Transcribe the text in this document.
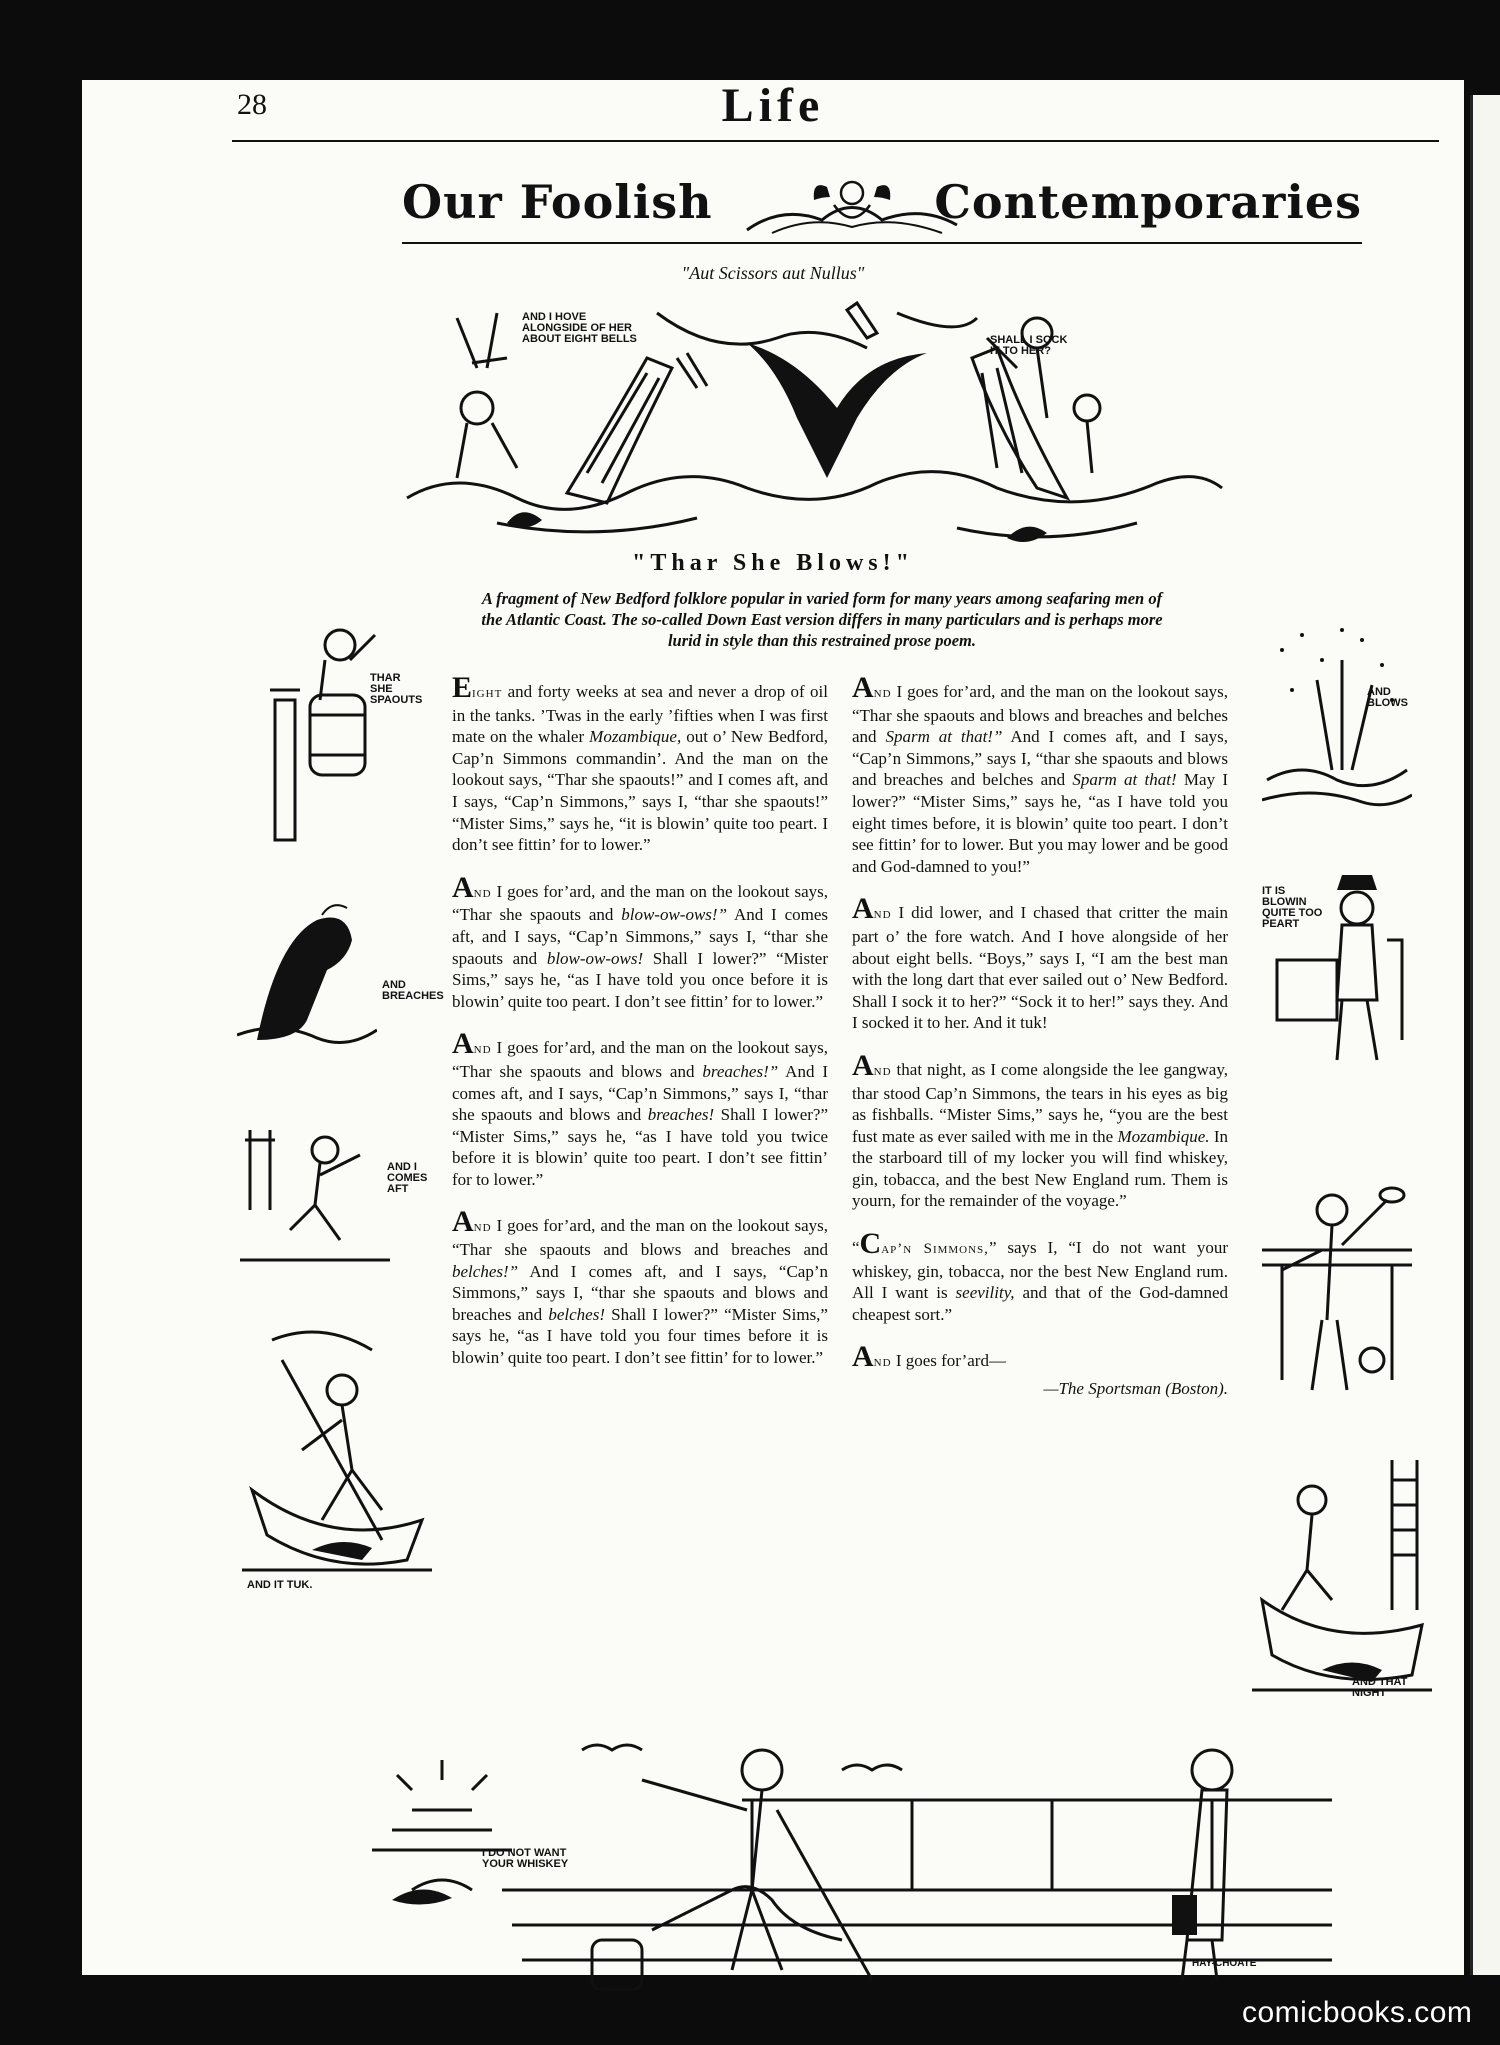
28	Life
Our Foolish	Contemporaries
"Aut Scissors aut Nullus"
AND I HOVE ALONGSIDE OF HER ABOUT EIGHT BELLS	SHALL I SOCK IT TO HER?
"Thar She Blows!"
A fragment of New Bedford folklore popular in varied form for many years among seafaring men of the Atlantic Coast. The so-called Down East version differs in many particulars and is perhaps more lurid in style than this restrained prose poem.
THAR SHE SPAOUTS
AND BREACHES
AND I COMES AFT
AND IT TUK.
AND BLOWS
IT IS BLOWIN QUITE TOO PEART
AND THAT NIGHT

Eight and forty weeks at sea and never a drop of oil in the tanks. ’Twas in the early ’fifties when I was first mate on the whaler Mozambique, out o’ New Bedford, Cap’n Simmons commandin’. And the man on the lookout says, “Thar she spaouts!” and I comes aft, and I says, “Cap’n Simmons,” says I, “thar she spaouts!” “Mister Sims,” says he, “it is blowin’ quite too peart. I don’t see fittin’ for to lower.”

And I goes for’ard, and the man on the lookout says, “Thar she spaouts and blow-ow-ows!” And I comes aft, and I says, “Cap’n Simmons,” says I, “thar she spaouts and blow-ow-ows! Shall I lower?” “Mister Sims,” says he, “as I have told you once before it is blowin’ quite too peart. I don’t see fittin’ for to lower.”

And I goes for’ard, and the man on the lookout says, “Thar she spaouts and blows and breaches!” And I comes aft, and I says, “Cap’n Simmons,” says I, “thar she spaouts and blows and breaches! Shall I lower?” “Mister Sims,” says he, “as I have told you twice before it is blowin’ quite too peart. I don’t see fittin’ for to lower.”

And I goes for’ard, and the man on the lookout says, “Thar she spaouts and blows and breaches and belches!” And I comes aft, and I says, “Cap’n Simmons,” says I, “thar she spaouts and blows and breaches and belches! Shall I lower?” “Mister Sims,” says he, “as I have told you four times before it is blowin’ quite too peart. I don’t see fittin’ for to lower.”

And I goes for’ard, and the man on the lookout says, “Thar she spaouts and blows and breaches and belches and Sparm at that!” And I comes aft, and I says, “Cap’n Simmons,” says I, “thar she spaouts and blows and breaches and belches and Sparm at that! May I lower?” “Mister Sims,” says he, “as I have told you eight times before, it is blowin’ quite too peart. I don’t see fittin’ for to lower. But you may lower and be good and God-damned to you!”

And I did lower, and I chased that critter the main part o’ the fore watch. And I hove alongside of her about eight bells. “Boys,” says I, “I am the best man with the long dart that ever sailed out o’ New Bedford. Shall I sock it to her?” “Sock it to her!” says they. And I socked it to her. And it tuk!

And that night, as I come alongside the lee gangway, thar stood Cap’n Simmons, the tears in his eyes as big as fishballs. “Mister Sims,” says he, “you are the best fust mate as ever sailed with me in the Mozambique. In the starboard till of my locker you will find whiskey, gin, tobacca, and the best New England rum. Them is yourn, for the remainder of the voyage.”

“Cap’n Simmons,” says I, “I do not want your whiskey, gin, tobacca, nor the best New England rum. All I want is seevility, and that of the God-damned cheapest sort.”

And I goes for’ard—

—The Sportsman (Boston).

I DO NOT WANT YOUR WHISKEY
HAY-CHOATE
comicbooks.com
